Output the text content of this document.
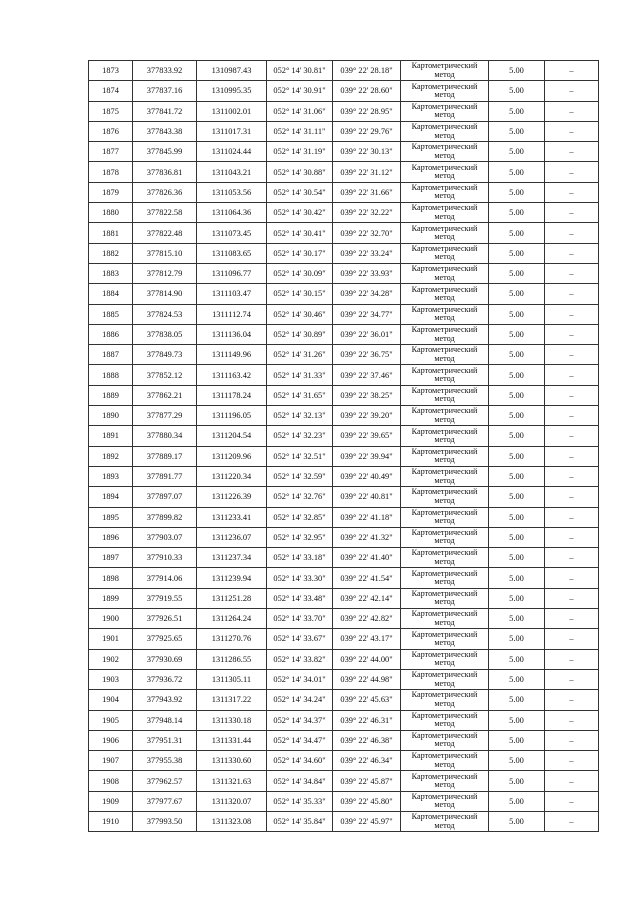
1873	377833.92	1310987.43	052° 14' 30.81"	039° 22' 28.18"	Картометрический метод	5.00	–
1874	377837.16	1310995.35	052° 14' 30.91"	039° 22' 28.60"	Картометрический метод	5.00	–
1875	377841.72	1311002.01	052° 14' 31.06"	039° 22' 28.95"	Картометрический метод	5.00	–
1876	377843.38	1311017.31	052° 14' 31.11"	039° 22' 29.76"	Картометрический метод	5.00	–
1877	377845.99	1311024.44	052° 14' 31.19"	039° 22' 30.13"	Картометрический метод	5.00	–
1878	377836.81	1311043.21	052° 14' 30.88"	039° 22' 31.12"	Картометрический метод	5.00	–
1879	377826.36	1311053.56	052° 14' 30.54"	039° 22' 31.66"	Картометрический метод	5.00	–
1880	377822.58	1311064.36	052° 14' 30.42"	039° 22' 32.22"	Картометрический метод	5.00	–
1881	377822.48	1311073.45	052° 14' 30.41"	039° 22' 32.70"	Картометрический метод	5.00	–
1882	377815.10	1311083.65	052° 14' 30.17"	039° 22' 33.24"	Картометрический метод	5.00	–
1883	377812.79	1311096.77	052° 14' 30.09"	039° 22' 33.93"	Картометрический метод	5.00	–
1884	377814.90	1311103.47	052° 14' 30.15"	039° 22' 34.28"	Картометрический метод	5.00	–
1885	377824.53	1311112.74	052° 14' 30.46"	039° 22' 34.77"	Картометрический метод	5.00	–
1886	377838.05	1311136.04	052° 14' 30.89"	039° 22' 36.01"	Картометрический метод	5.00	–
1887	377849.73	1311149.96	052° 14' 31.26"	039° 22' 36.75"	Картометрический метод	5.00	–
1888	377852.12	1311163.42	052° 14' 31.33"	039° 22' 37.46"	Картометрический метод	5.00	–
1889	377862.21	1311178.24	052° 14' 31.65"	039° 22' 38.25"	Картометрический метод	5.00	–
1890	377877.29	1311196.05	052° 14' 32.13"	039° 22' 39.20"	Картометрический метод	5.00	–
1891	377880.34	1311204.54	052° 14' 32.23"	039° 22' 39.65"	Картометрический метод	5.00	–
1892	377889.17	1311209.96	052° 14' 32.51"	039° 22' 39.94"	Картометрический метод	5.00	–
1893	377891.77	1311220.34	052° 14' 32.59"	039° 22' 40.49"	Картометрический метод	5.00	–
1894	377897.07	1311226.39	052° 14' 32.76"	039° 22' 40.81"	Картометрический метод	5.00	–
1895	377899.82	1311233.41	052° 14' 32.85"	039° 22' 41.18"	Картометрический метод	5.00	–
1896	377903.07	1311236.07	052° 14' 32.95"	039° 22' 41.32"	Картометрический метод	5.00	–
1897	377910.33	1311237.34	052° 14' 33.18"	039° 22' 41.40"	Картометрический метод	5.00	–
1898	377914.06	1311239.94	052° 14' 33.30"	039° 22' 41.54"	Картометрический метод	5.00	–
1899	377919.55	1311251.28	052° 14' 33.48"	039° 22' 42.14"	Картометрический метод	5.00	–
1900	377926.51	1311264.24	052° 14' 33.70"	039° 22' 42.82"	Картометрический метод	5.00	–
1901	377925.65	1311270.76	052° 14' 33.67"	039° 22' 43.17"	Картометрический метод	5.00	–
1902	377930.69	1311286.55	052° 14' 33.82"	039° 22' 44.00"	Картометрический метод	5.00	–
1903	377936.72	1311305.11	052° 14' 34.01"	039° 22' 44.98"	Картометрический метод	5.00	–
1904	377943.92	1311317.22	052° 14' 34.24"	039° 22' 45.63"	Картометрический метод	5.00	–
1905	377948.14	1311330.18	052° 14' 34.37"	039° 22' 46.31"	Картометрический метод	5.00	–
1906	377951.31	1311331.44	052° 14' 34.47"	039° 22' 46.38"	Картометрический метод	5.00	–
1907	377955.38	1311330.60	052° 14' 34.60"	039° 22' 46.34"	Картометрический метод	5.00	–
1908	377962.57	1311321.63	052° 14' 34.84"	039° 22' 45.87"	Картометрический метод	5.00	–
1909	377977.67	1311320.07	052° 14' 35.33"	039° 22' 45.80"	Картометрический метод	5.00	–
1910	377993.50	1311323.08	052° 14' 35.84"	039° 22' 45.97"	Картометрический метод	5.00	–
